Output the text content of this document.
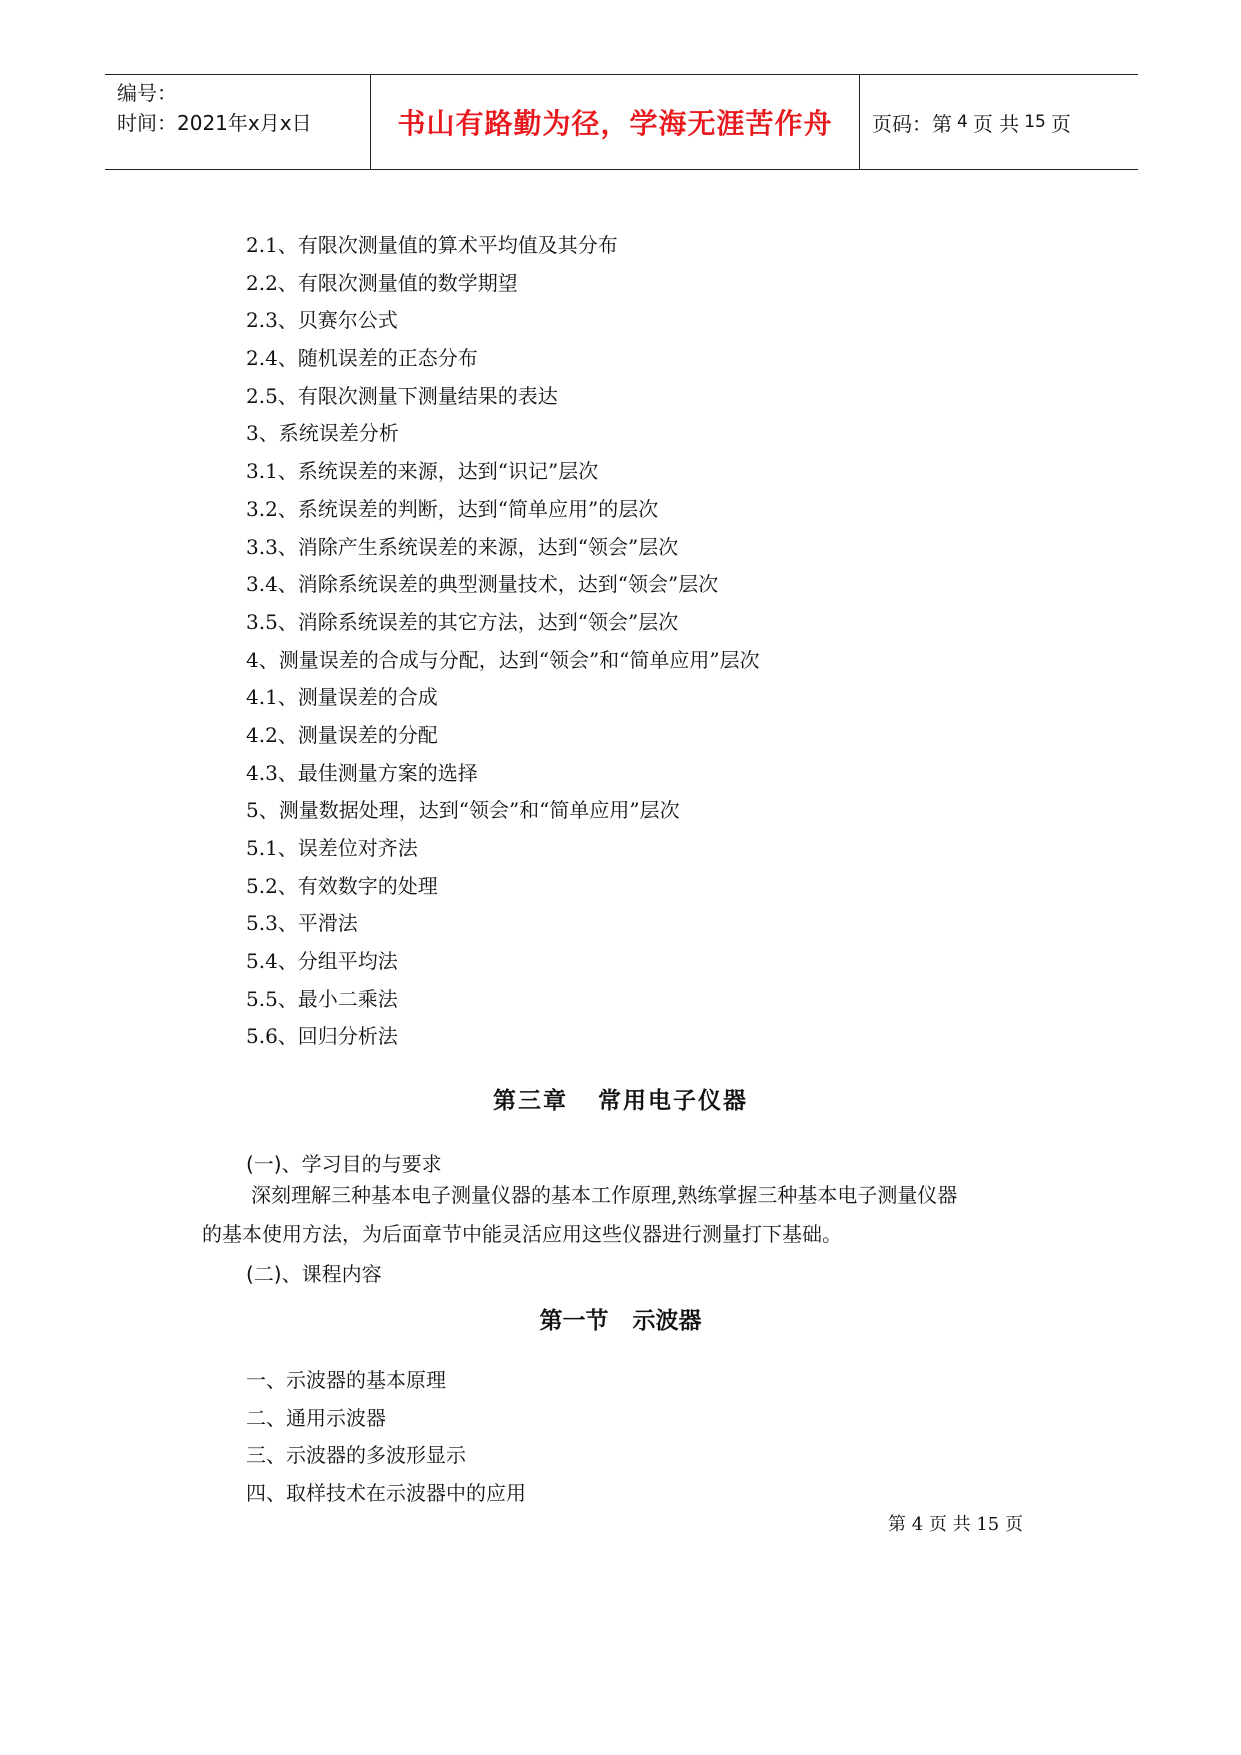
编号：
时间：2021年x月x日	书山有路勤为径，学海无涯苦作舟 页码：第 4 页 共 15 页
2.1、有限次测量值的算术平均值及其分布
2.2、有限次测量值的数学期望
2.3、贝赛尔公式
2.4、随机误差的正态分布
2.5、有限次测量下测量结果的表达
3、系统误差分析
3.1、系统误差的来源，达到“识记”层次
3.2、系统误差的判断，达到“简单应用”的层次
3.3、消除产生系统误差的来源，达到“领会”层次
3.4、消除系统误差的典型测量技术，达到“领会”层次
3.5、消除系统误差的其它方法，达到“领会”层次
4、测量误差的合成与分配，达到“领会”和“简单应用”层次
4.1、测量误差的合成
4.2、测量误差的分配
4.3、最佳测量方案的选择
5、测量数据处理，达到“领会”和“简单应用”层次
5.1、误差位对齐法
5.2、有效数字的处理
5.3、平滑法
5.4、分组平均法
5.5、最小二乘法
5.6、回归分析法
第三章   常用电子仪器
(一)、学习目的与要求
深刻理解三种基本电子测量仪器的基本工作原理,熟练掌握三种基本电子测量仪器
的基本使用方法，为后面章节中能灵活应用这些仪器进行测量打下基础。
(二)、课程内容
第一节   示波器
一、示波器的基本原理
二、通用示波器
三、示波器的多波形显示
四、取样技术在示波器中的应用
第 4 页 共 15 页
